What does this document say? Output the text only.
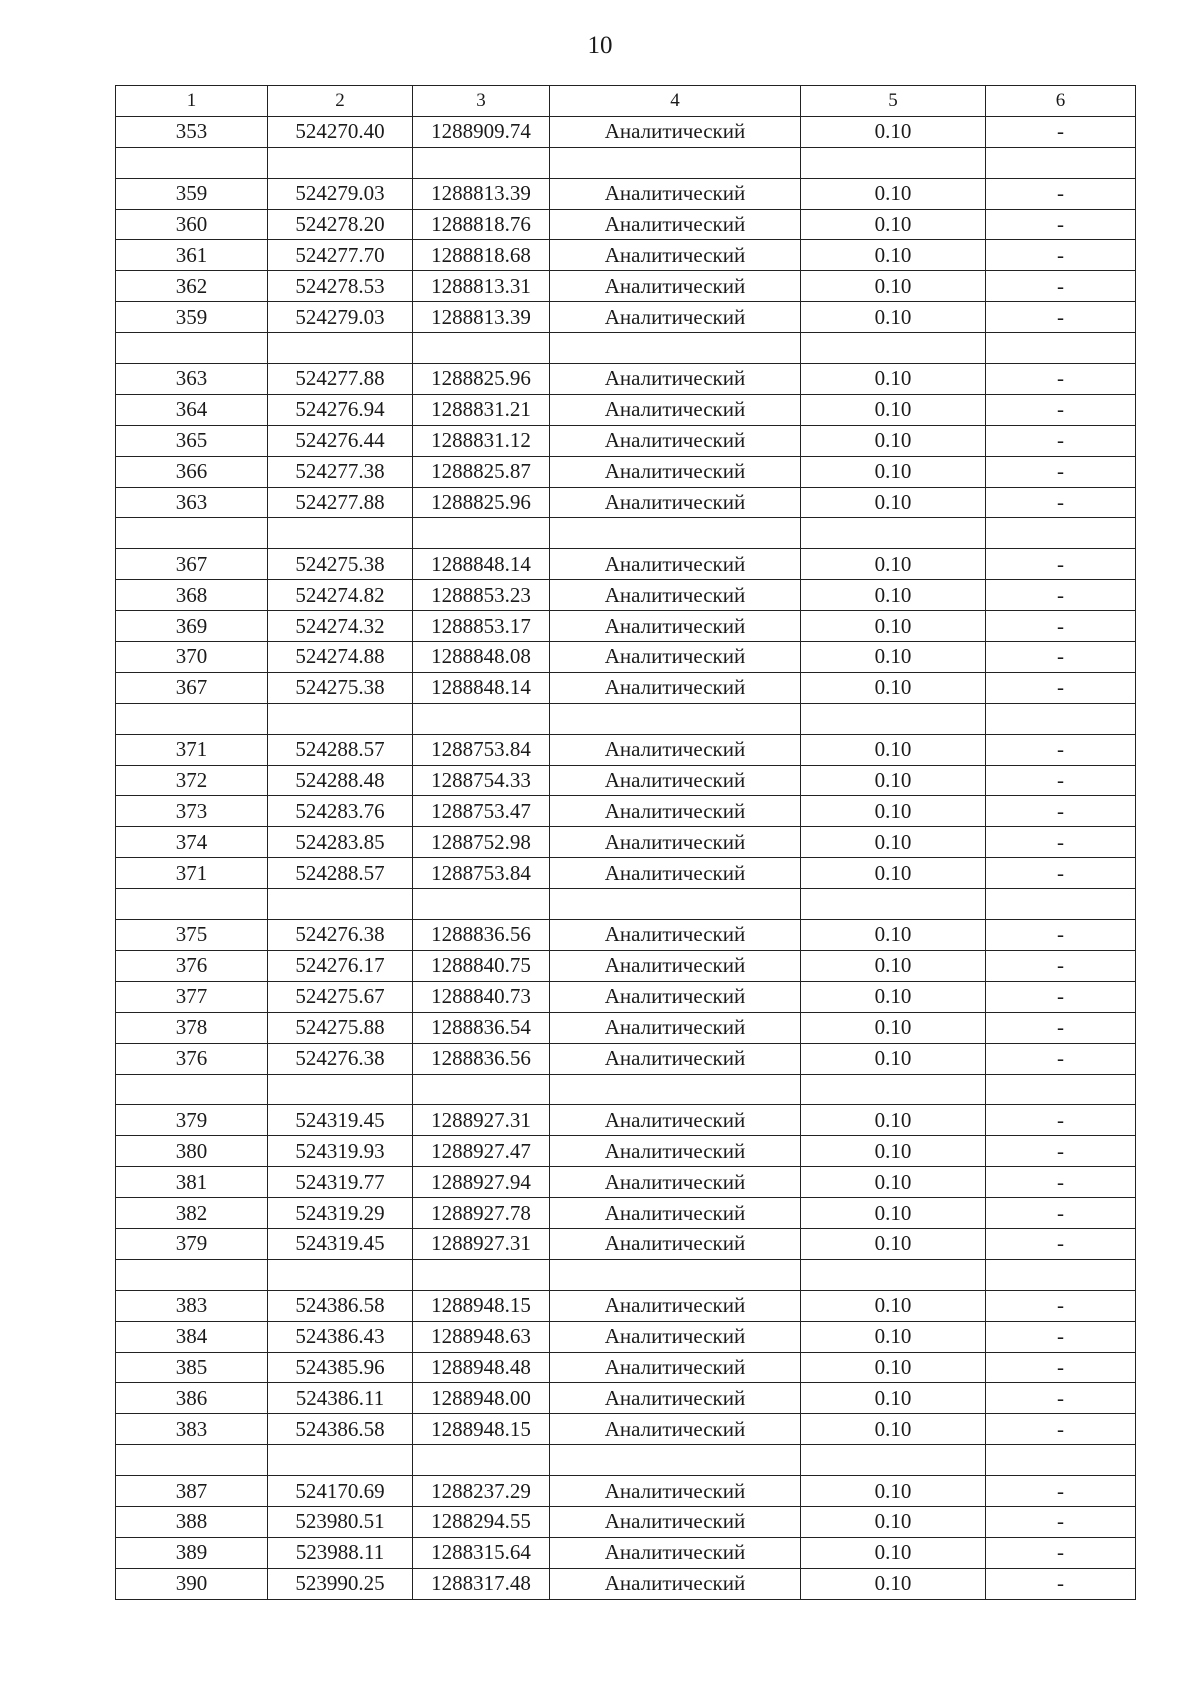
10
1	2	3	4	5	6
353	524270.40	1288909.74	Аналитический	0.10	-

359	524279.03	1288813.39	Аналитический	0.10	-
360	524278.20	1288818.76	Аналитический	0.10	-
361	524277.70	1288818.68	Аналитический	0.10	-
362	524278.53	1288813.31	Аналитический	0.10	-
359	524279.03	1288813.39	Аналитический	0.10	-

363	524277.88	1288825.96	Аналитический	0.10	-
364	524276.94	1288831.21	Аналитический	0.10	-
365	524276.44	1288831.12	Аналитический	0.10	-
366	524277.38	1288825.87	Аналитический	0.10	-
363	524277.88	1288825.96	Аналитический	0.10	-

367	524275.38	1288848.14	Аналитический	0.10	-
368	524274.82	1288853.23	Аналитический	0.10	-
369	524274.32	1288853.17	Аналитический	0.10	-
370	524274.88	1288848.08	Аналитический	0.10	-
367	524275.38	1288848.14	Аналитический	0.10	-

371	524288.57	1288753.84	Аналитический	0.10	-
372	524288.48	1288754.33	Аналитический	0.10	-
373	524283.76	1288753.47	Аналитический	0.10	-
374	524283.85	1288752.98	Аналитический	0.10	-
371	524288.57	1288753.84	Аналитический	0.10	-

375	524276.38	1288836.56	Аналитический	0.10	-
376	524276.17	1288840.75	Аналитический	0.10	-
377	524275.67	1288840.73	Аналитический	0.10	-
378	524275.88	1288836.54	Аналитический	0.10	-
376	524276.38	1288836.56	Аналитический	0.10	-

379	524319.45	1288927.31	Аналитический	0.10	-
380	524319.93	1288927.47	Аналитический	0.10	-
381	524319.77	1288927.94	Аналитический	0.10	-
382	524319.29	1288927.78	Аналитический	0.10	-
379	524319.45	1288927.31	Аналитический	0.10	-

383	524386.58	1288948.15	Аналитический	0.10	-
384	524386.43	1288948.63	Аналитический	0.10	-
385	524385.96	1288948.48	Аналитический	0.10	-
386	524386.11	1288948.00	Аналитический	0.10	-
383	524386.58	1288948.15	Аналитический	0.10	-

387	524170.69	1288237.29	Аналитический	0.10	-
388	523980.51	1288294.55	Аналитический	0.10	-
389	523988.11	1288315.64	Аналитический	0.10	-
390	523990.25	1288317.48	Аналитический	0.10	-
